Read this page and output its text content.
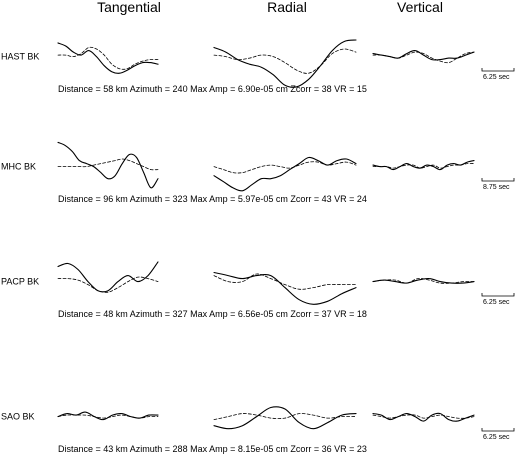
Tangential	Radial	Vertical
HAST BK
Distance = 58 km Azimuth = 240 Max Amp = 6.90e-05 cm Zcorr = 38 VR = 15
6.25 sec
MHC BK
Distance = 96 km Azimuth = 323 Max Amp = 5.97e-05 cm Zcorr = 43 VR = 24
8.75 sec
PACP BK
Distance = 48 km Azimuth = 327 Max Amp = 6.56e-05 cm Zcorr = 37 VR = 18
6.25 sec
SAO BK
Distance = 43 km Azimuth = 288 Max Amp = 8.15e-05 cm Zcorr = 36 VR = 23
6.25 sec
